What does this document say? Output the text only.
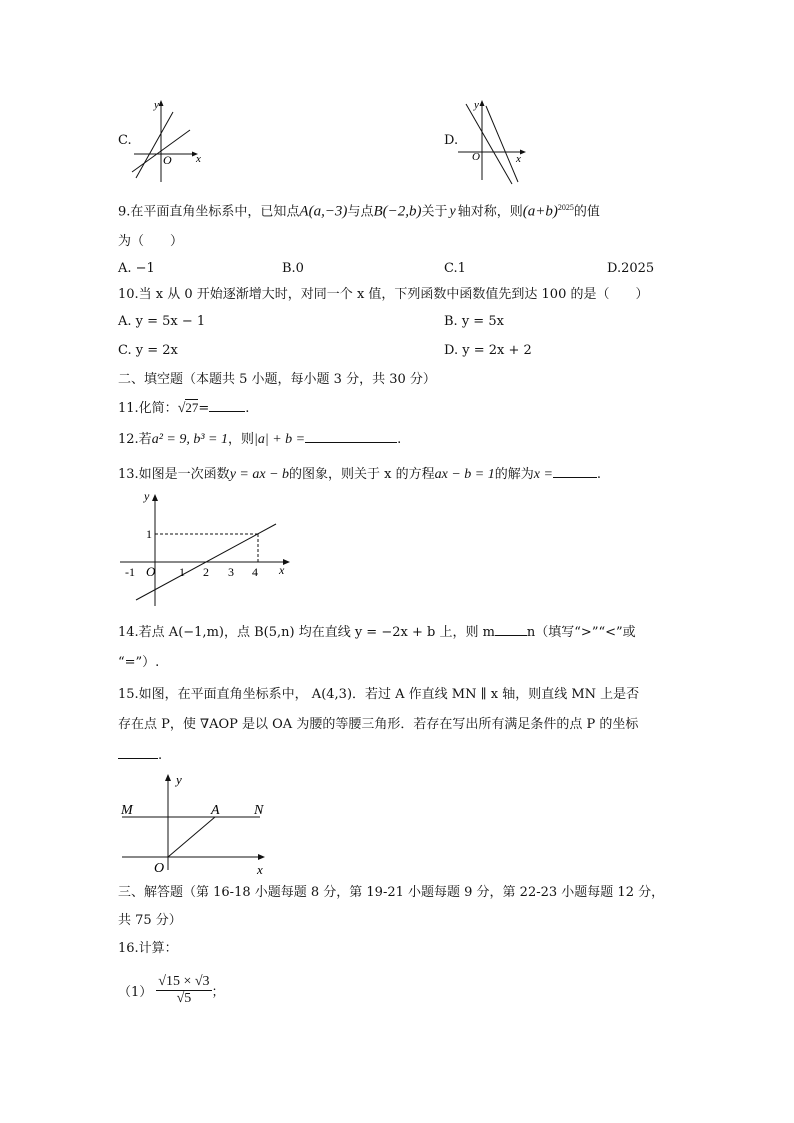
C.
y
O x
D.
y
O	x
9.在平面直角坐标系中，已知点A(a,−3)与点B(−2,b)关于 y 轴对称，则$(a+b)^{2025}$的值
为（　　）
A. −1	B.0	C.1	D.2025
10.当 x 从 0 开始逐渐增大时，对同一个 x 值，下列函数中函数值先到达 100 的是（　　）
A. y = 5x − 1	B. y = 5x
C. y = 2x	D. y = 2x + 2
二、填空题（本题共 5 小题，每小题 3 分，共 30 分）
11.化简：√27=	.
12.若a² = 9, b³ = 1，则|a| + b =	.
13.如图是一次函数y = ax − b的图象，则关于 x 的方程ax − b = 1的解为x =	.
y
1
O
-1	1 2 3 4 x
14.若点 A(−1,m)，点 B(5,n) 均在直线 y = −2x + b 上，则 m n（填写“>”“<”或
“=”）.
15.如图，在平面直角坐标系中， A(4,3)．若过 A 作直线 MN ∥ x 轴，则直线 MN 上是否
存在点 P，使 ∇AOP 是以 OA 为腰的等腰三角形．若存在写出所有满足条件的点 P 的坐标
.
y
M	A N
O	x
三、解答题（第 16-18 小题每题 8 分，第 19-21 小题每题 9 分，第 22-23 小题每题 12 分，
共 75 分）
16.计算：
$(1) \frac{√15 \times √3}{√5}$ ；
